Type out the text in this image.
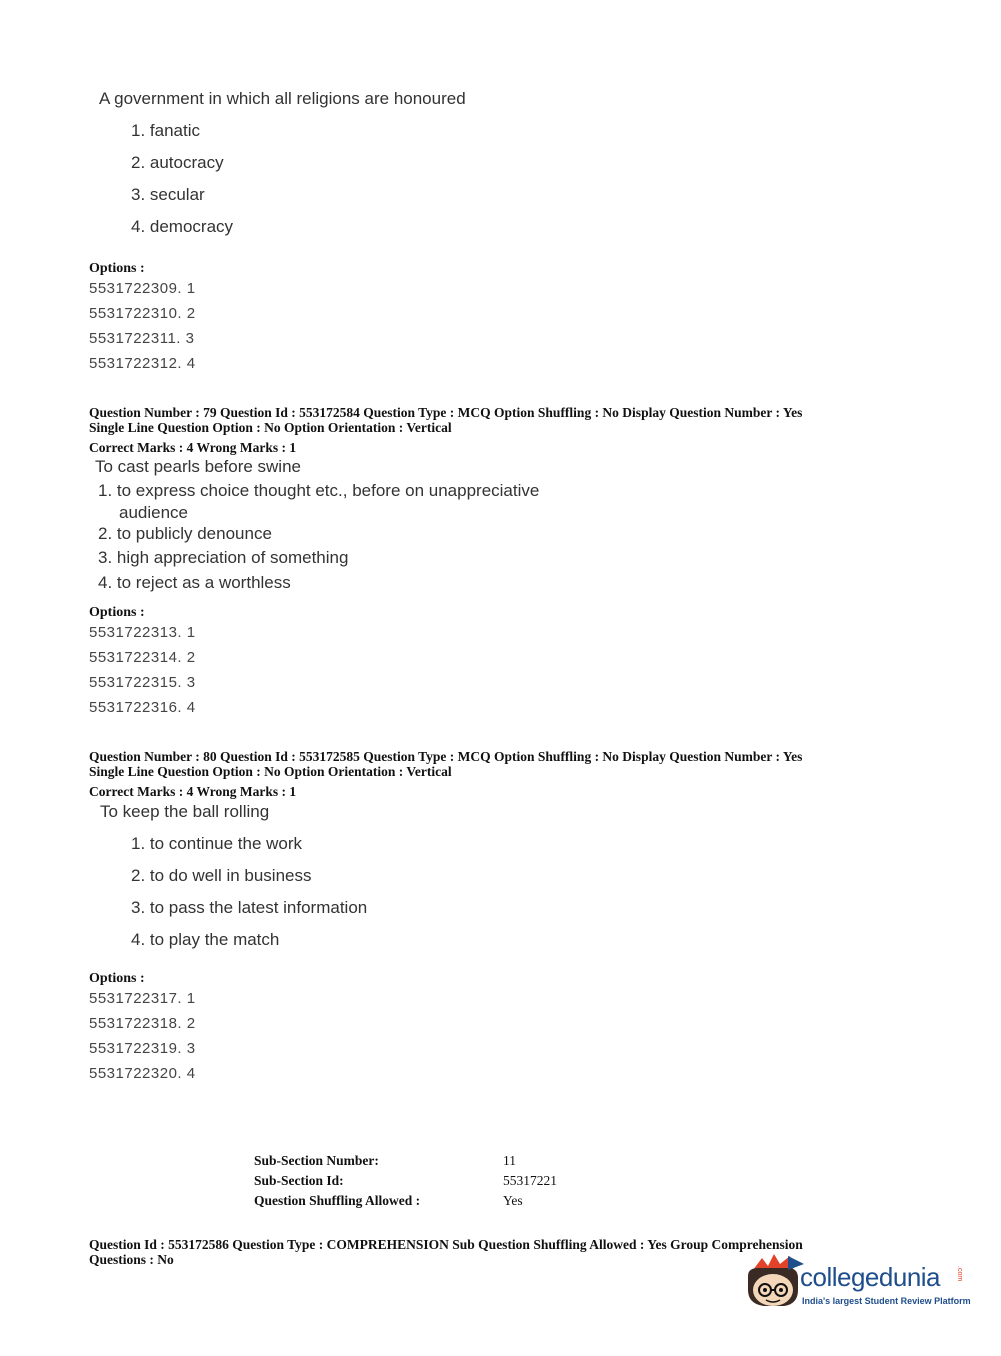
A government in which all religions are honoured
1. fanatic
2. autocracy
3. secular
4. democracy
Options :
5531722309. 1
5531722310. 2
5531722311. 3
5531722312. 4
Question Number : 79 Question Id : 553172584 Question Type : MCQ Option Shuffling : No Display Question Number : Yes
Single Line Question Option : No Option Orientation : Vertical
Correct Marks : 4 Wrong Marks : 1
To cast pearls before swine
1. to express choice thought etc., before on unappreciative
audience
2. to publicly denounce
3. high appreciation of something
4. to reject as a worthless
Options :
5531722313. 1
5531722314. 2
5531722315. 3
5531722316. 4
Question Number : 80 Question Id : 553172585 Question Type : MCQ Option Shuffling : No Display Question Number : Yes
Single Line Question Option : No Option Orientation : Vertical
Correct Marks : 4 Wrong Marks : 1
To keep the ball rolling
1. to continue the work
2. to do well in business
3. to pass the latest information
4. to play the match
Options :
5531722317. 1
5531722318. 2
5531722319. 3
5531722320. 4
Sub-Section Number:	11
Sub-Section Id:	55317221
Question Shuffling Allowed :	Yes
Question Id : 553172586 Question Type : COMPREHENSION Sub Question Shuffling Allowed : Yes Group Comprehension
Questions : No
collegedunia .com
India's largest Student Review Platform
